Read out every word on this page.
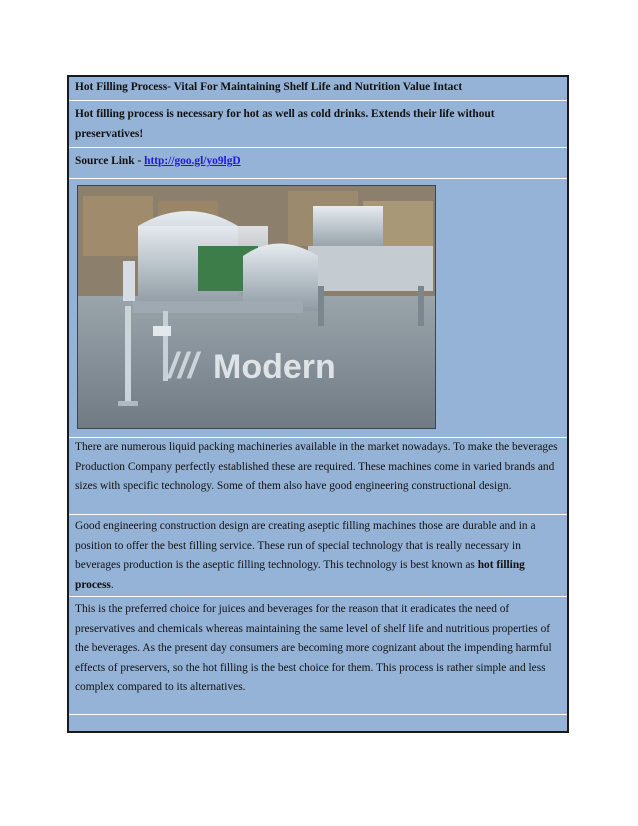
Hot Filling Process- Vital For Maintaining Shelf Life and Nutrition Value Intact
Hot filling process is necessary for hot as well as cold drinks. Extends their life without preservatives!
Source Link - http://goo.gl/yo9lgD
/// Modern
There are numerous liquid packing machineries available in the market nowadays. To make the beverages Production Company perfectly established these are required. These machines come in varied brands and sizes with specific technology. Some of them also have good engineering constructional design.
Good engineering construction design are creating aseptic filling machines those are durable and in a position to offer the best filling service. These run of special technology that is really necessary in beverages production is the aseptic filling technology. This technology is best known as hot filling process.
This is the preferred choice for juices and beverages for the reason that it eradicates the need of preservatives and chemicals whereas maintaining the same level of shelf life and nutritious properties of the beverages. As the present day consumers are becoming more cognizant about the impending harmful effects of preservers, so the hot filling is the best choice for them. This process is rather simple and less complex compared to its alternatives.
